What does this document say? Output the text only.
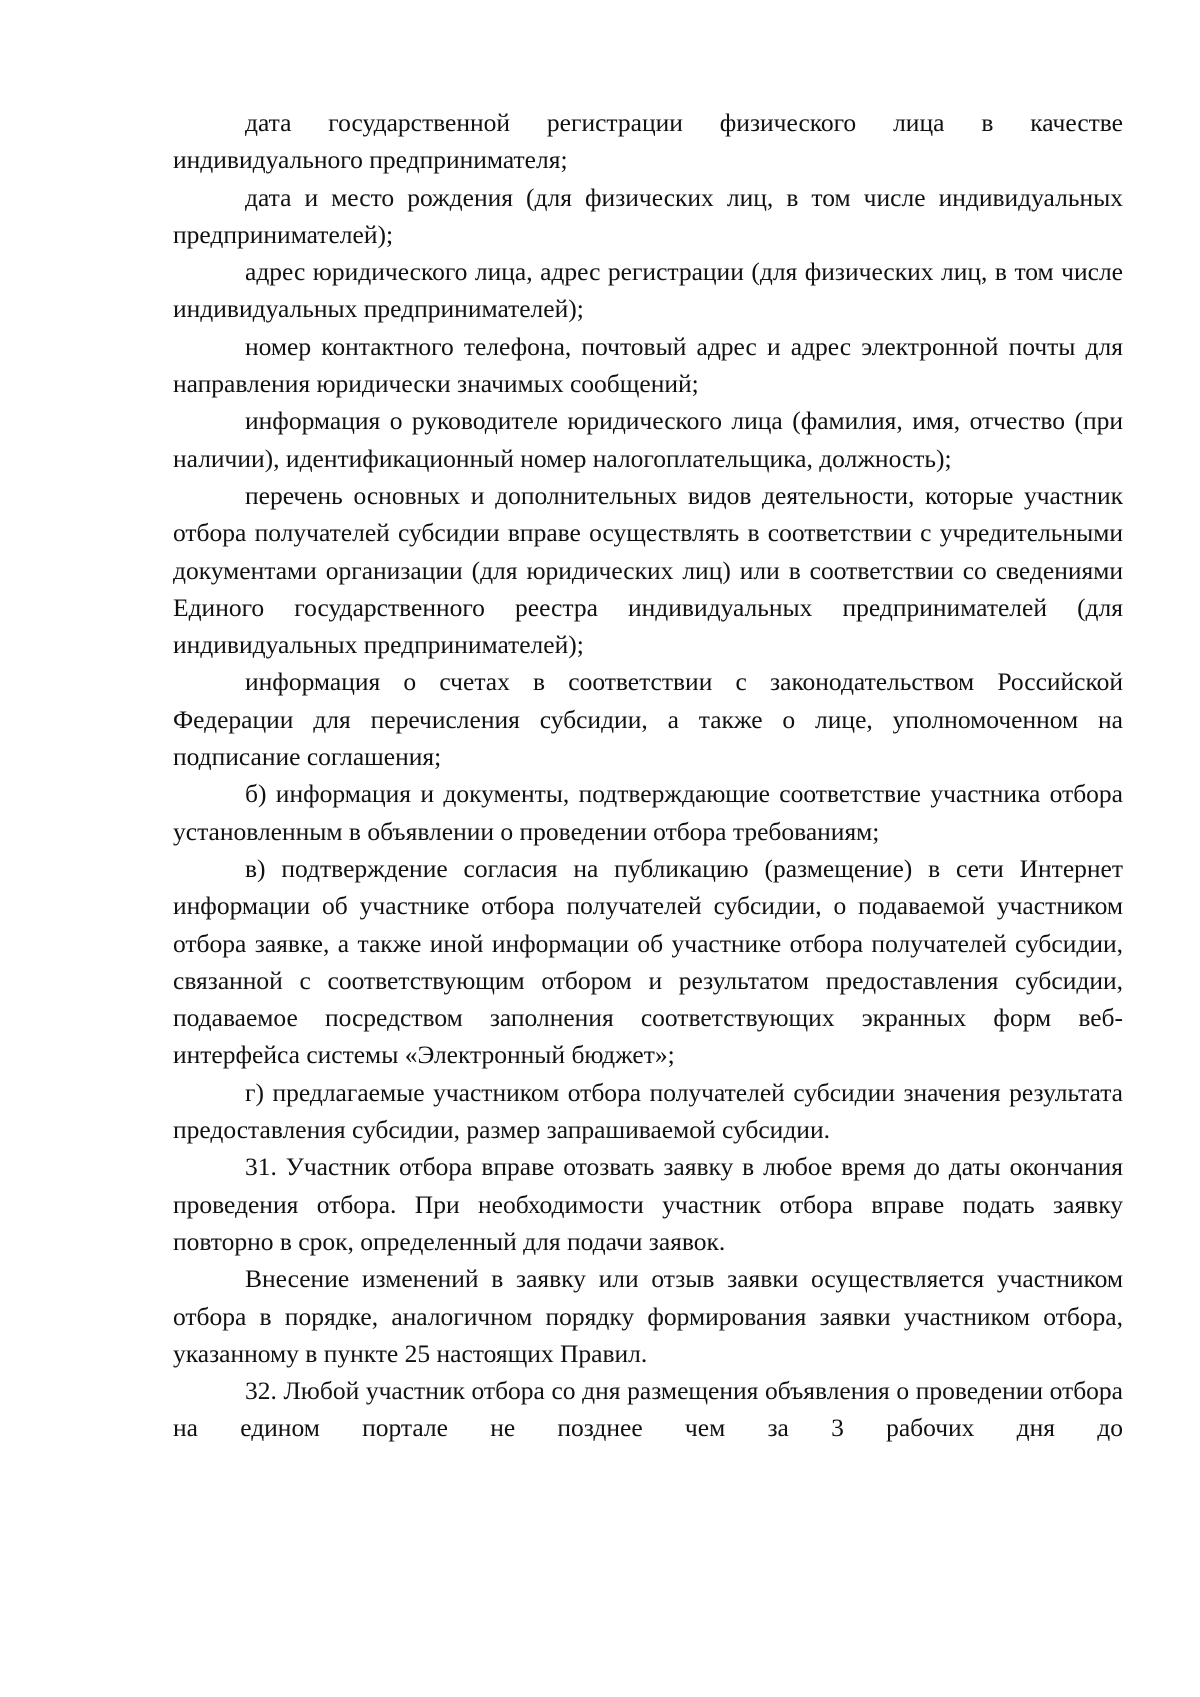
дата государственной регистрации физического лица в качестве индивидуального предпринимателя;

дата и место рождения (для физических лиц, в том числе индивидуальных предпринимателей);

адрес юридического лица, адрес регистрации (для физических лиц, в том числе индивидуальных предпринимателей);

номер контактного телефона, почтовый адрес и адрес электронной почты для направления юридически значимых сообщений;

информация о руководителе юридического лица (фамилия, имя, отчество (при наличии), идентификационный номер налогоплательщика, должность);

перечень основных и дополнительных видов деятельности, которые участник отбора получателей субсидии вправе осуществлять в соответствии с учредительными документами организации (для юридических лиц) или в соответствии со сведениями Единого государственного реестра индивидуальных предпринимателей (для индивидуальных предпринимателей);

информация о счетах в соответствии с законодательством Российской Федерации для перечисления субсидии, а также о лице, уполномоченном на подписание соглашения;

б) информация и документы, подтверждающие соответствие участника отбора установленным в объявлении о проведении отбора требованиям;

в) подтверждение согласия на публикацию (размещение) в сети Интернет информации об участнике отбора получателей субсидии, о подаваемой участником отбора заявке, а также иной информации об участнике отбора получателей субсидии, связанной с соответствующим отбором и результатом предоставления субсидии, подаваемое посредством заполнения соответствующих экранных форм веб-интерфейса системы «Электронный бюджет»;

г) предлагаемые участником отбора получателей субсидии значения результата предоставления субсидии, размер запрашиваемой субсидии.

31. Участник отбора вправе отозвать заявку в любое время до даты окончания проведения отбора. При необходимости участник отбора вправе подать заявку повторно в срок, определенный для подачи заявок.

Внесение изменений в заявку или отзыв заявки осуществляется участником отбора в порядке, аналогичном порядку формирования заявки участником отбора, указанному в пункте 25 настоящих Правил.

32. Любой участник отбора со дня размещения объявления о проведении отбора на едином портале не позднее чем за 3 рабочих дня до
